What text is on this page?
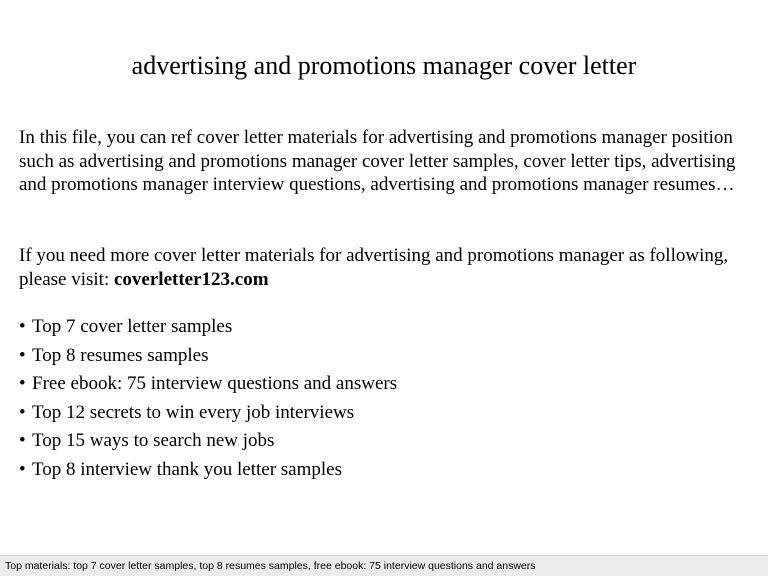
advertising and promotions manager cover letter

In this file, you can ref cover letter materials for advertising and promotions manager position such as advertising and promotions manager cover letter samples, cover letter tips, advertising and promotions manager interview questions, advertising and promotions manager resumes…

If you need more cover letter materials for advertising and promotions manager as following, please visit: coverletter123.com

• Top 7 cover letter samples
• Top 8 resumes samples
• Free ebook: 75 interview questions and answers
• Top 12 secrets to win every job interviews
• Top 15 ways to search new jobs
• Top 8 interview thank you letter samples
Top materials: top 7 cover letter samples, top 8 resumes samples, free ebook: 75 interview questions and answers
